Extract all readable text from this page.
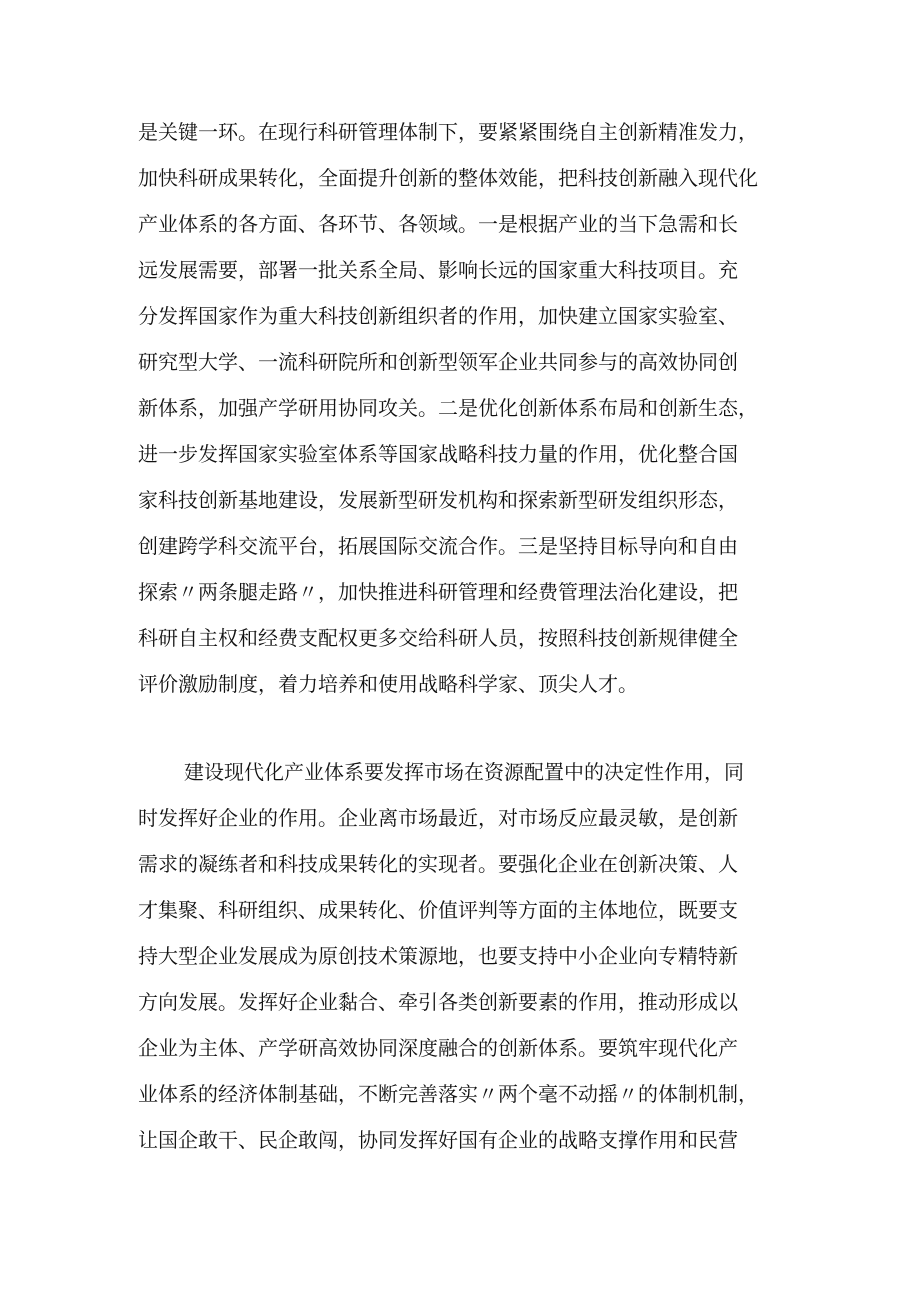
是关键一环。在现行科研管理体制下，要紧紧围绕自主创新精准发力，
加快科研成果转化，全面提升创新的整体效能，把科技创新融入现代化
产业体系的各方面、各环节、各领域。一是根据产业的当下急需和长
远发展需要，部署一批关系全局、影响长远的国家重大科技项目。充
分发挥国家作为重大科技创新组织者的作用，加快建立国家实验室、
研究型大学、一流科研院所和创新型领军企业共同参与的高效协同创
新体系，加强产学研用协同攻关。二是优化创新体系布局和创新生态，
进一步发挥国家实验室体系等国家战略科技力量的作用，优化整合国
家科技创新基地建设，发展新型研发机构和探索新型研发组织形态，
创建跨学科交流平台，拓展国际交流合作。三是坚持目标导向和自由
探索〃两条腿走路〃，加快推进科研管理和经费管理法治化建设，把
科研自主权和经费支配权更多交给科研人员，按照科技创新规律健全
评价激励制度，着力培养和使用战略科学家、顶尖人才。
建设现代化产业体系要发挥市场在资源配置中的决定性作用，同
时发挥好企业的作用。企业离市场最近，对市场反应最灵敏，是创新
需求的凝练者和科技成果转化的实现者。要强化企业在创新决策、人
才集聚、科研组织、成果转化、价值评判等方面的主体地位，既要支
持大型企业发展成为原创技术策源地，也要支持中小企业向专精特新
方向发展。发挥好企业黏合、牵引各类创新要素的作用，推动形成以
企业为主体、产学研高效协同深度融合的创新体系。要筑牢现代化产
业体系的经济体制基础，不断完善落实〃两个毫不动摇〃的体制机制，
让国企敢干、民企敢闯，协同发挥好国有企业的战略支撑作用和民营
